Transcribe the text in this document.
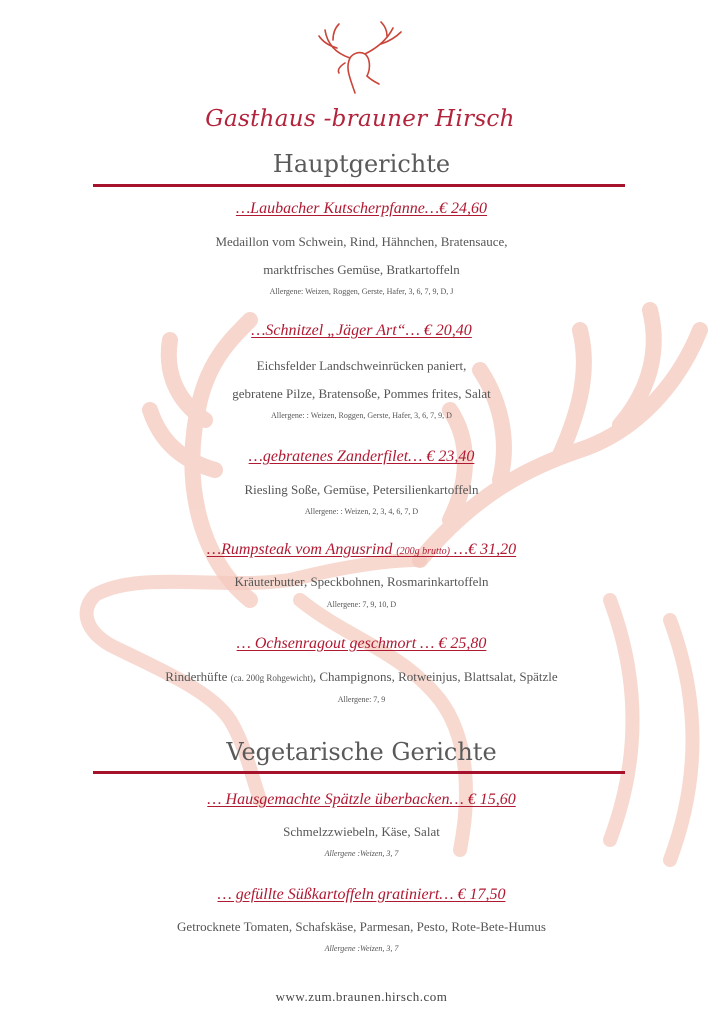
Gasthaus -brauner Hirsch
Hauptgerichte
…Laubacher Kutscherpfanne…€ 24,60
Medaillon vom Schwein, Rind, Hähnchen, Bratensauce,
marktfrisches Gemüse, Bratkartoffeln
Allergene: Weizen, Roggen, Gerste, Hafer, 3, 6, 7, 9, D, J
…Schnitzel „Jäger Art“… € 20,40
Eichsfelder Landschweinrücken paniert,
gebratene Pilze, Bratensoße, Pommes frites, Salat
Allergene: : Weizen, Roggen, Gerste, Hafer, 3, 6, 7, 9, D
…gebratenes Zanderfilet… € 23,40
Riesling Soße, Gemüse, Petersilienkartoffeln
Allergene: : Weizen, 2, 3, 4, 6, 7, D
…Rumpsteak vom Angusrind (200g brutto) …€ 31,20
Kräuterbutter, Speckbohnen, Rosmarinkartoffeln
Allergene: 7, 9, 10, D
… Ochsenragout geschmort … € 25,80
Rinderhüfte (ca. 200g Rohgewicht), Champignons, Rotweinjus, Blattsalat, Spätzle
Allergene: 7, 9
Vegetarische Gerichte
… Hausgemachte Spätzle überbacken… € 15,60
Schmelzzwiebeln, Käse, Salat
Allergene :Weizen, 3, 7
… gefüllte Süßkartoffeln gratiniert… € 17,50
Getrocknete Tomaten, Schafskäse, Parmesan, Pesto, Rote-Bete-Humus
Allergene :Weizen, 3, 7
www.zum.braunen.hirsch.com
